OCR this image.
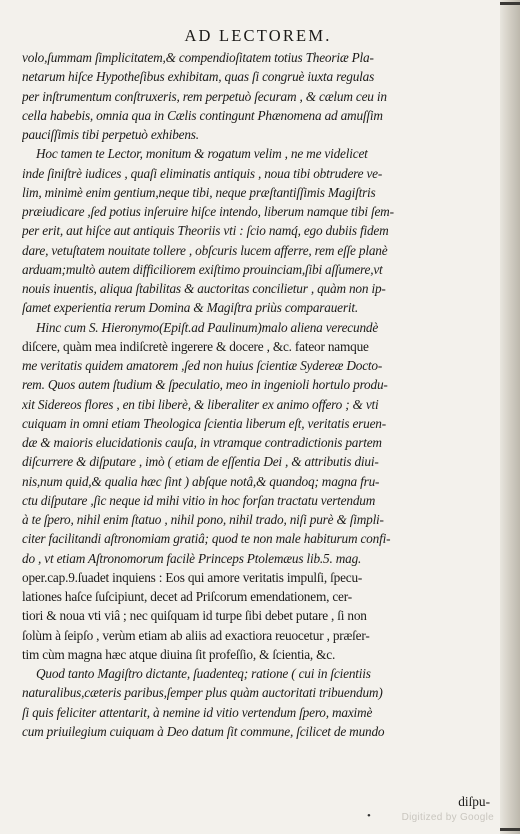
AD LECTOREM.
volo,ſummam ſimplicitatem,& compendioſitatem totius Theoriæ Pla-
netarum hiſce Hypotheſibus exhibitam, quas ſi congruè iuxta regulas
per inſtrumentum conſtruxeris, rem perpetuò ſecuram , & cælum ceu in
cella habebis, omnia qua in Cælis contingunt Phænomena ad amuſſim
pauciſſimis tibi perpetuò exhibens.
Hoc tamen te Lector, monitum & rogatum velim , ne me videlicet
inde ſiniſtrè iudices , quaſi eliminatis antiquis , noua tibi obtrudere ve-
lim, minimè enim gentium,neque tibi, neque præſtantiſſimis Magiſtris
præiudicare ,ſed potius inſeruire hiſce intendo, liberum namque tibi ſem-
per erit, aut hiſce aut antiquis Theoriis vti : ſcio namq́, ego dubiis fidem
dare, vetuſtatem nouitate tollere , obſcuris lucem afferre, rem eſſe planè
arduam;multò autem difficiliorem exiſtimo prouinciam,ſibi aſſumere,vt
nouis inuentis, aliqua ſtabilitas & auctoritas concilietur , quàm non ip-
ſamet experientia rerum Domina & Magiſtra priùs comparauerit.
Hinc cum S. Hieronymo(Epiſt.ad Paulinum)malo aliena verecundè
diſcere, quàm mea indiſcretè ingerere & docere , &c. fateor namque
me veritatis quidem amatorem ,ſed non huius ſcientiæ Sydereæ Docto-
rem. Quos autem ſtudium & ſpeculatio, meo in ingenioli hortulo produ-
xit Sidereos flores , en tibi liberè, & liberaliter ex animo offero ; & vti
cuiquam in omni etiam Theologica ſcientia liberum eſt, veritatis eruen-
dæ & maioris elucidationis cauſa, in vtramque contradictionis partem
diſcurrere & diſputare , imò ( etiam de eſſentia Dei , & attributis diui-
nis,num quid,& qualia hæc ſint ) abſque notâ,& quandoq; magna fru-
ctu diſputare ,ſic neque id mihi vitio in hoc forſan tractatu vertendum
à te ſpero, nihil enim ſtatuo , nihil pono, nihil trado, niſi purè & ſimpli-
citer facilitandi aſtronomiam gratiâ; quod te non male habiturum confi-
do , vt etiam Aſtronomorum facilè Princeps Ptolemæus lib.5. mag.
oper.cap.9.ſuadet inquiens : Eos qui amore veritatis impulſi, ſpecu-
lationes haſce ſuſcipiunt, decet ad Priſcorum emendationem, cer-
tiori & noua vti viâ ; nec quiſquam id turpe ſibi debet putare , ſi non
ſolùm à ſeipſo , verùm etiam ab aliis ad exactiora reuocetur , præſer-
tim cùm magna hæc atque diuina ſit profeſſio, & ſcientia, &c.
Quod tanto Magiſtro dictante, ſuadenteq; ratione ( cui in ſcientiis
naturalibus,cæteris paribus,ſemper plus quàm auctoritati tribuendum)
ſi quis feliciter attentarit, à nemine id vitio vertendum ſpero, maximè
cum priuilegium cuiquam à Deo datum ſit commune, ſcilicet de mundo
diſpu-
•	Digitized by Google
